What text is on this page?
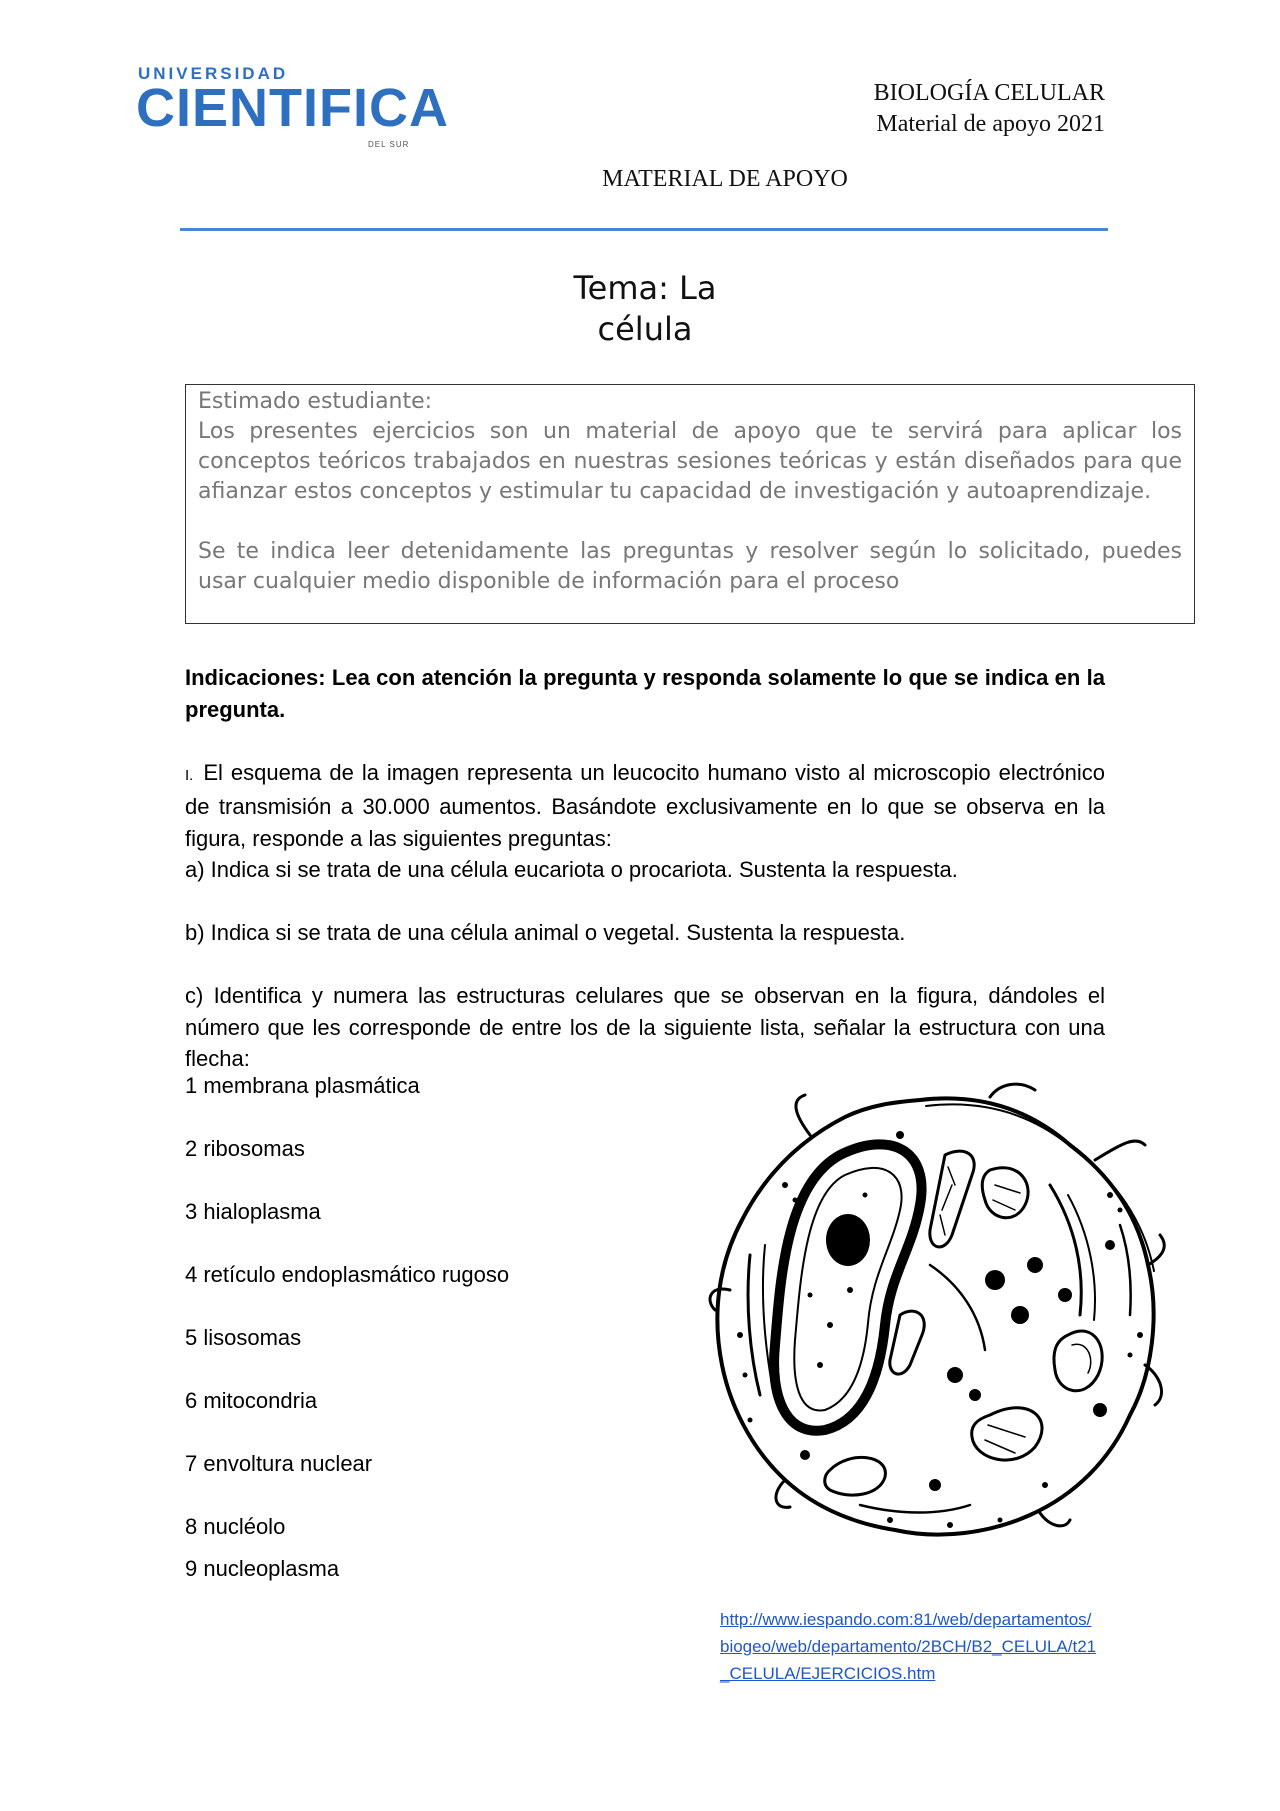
UNIVERSIDAD
CIENTIFICA
DEL SUR
BIOLOGÍA CELULAR
Material de apoyo 2021
MATERIAL DE APOYO
Tema: La
célula

Estimado estudiante:

Los presentes ejercicios son un material de apoyo que te servirá para aplicar los conceptos teóricos trabajados en nuestras sesiones teóricas y están diseñados para que afianzar estos conceptos y estimular tu capacidad de investigación y autoaprendizaje.

Se te indica leer detenidamente las preguntas y resolver según lo solicitado, puedes usar cualquier medio disponible de información para el proceso

Indicaciones: Lea con atención la pregunta y responda solamente lo que se indica en la pregunta.

I. El esquema de la imagen representa un leucocito humano visto al microscopio electrónico de transmisión a 30.000 aumentos. Basándote exclusivamente en lo que se observa en la figura, responde a las siguientes preguntas:

a) Indica si se trata de una célula eucariota o procariota. Sustenta la respuesta.

b) Indica si se trata de una célula animal o vegetal. Sustenta la respuesta.

c) Identifica y numera las estructuras celulares que se observan en la figura, dándoles el número que les corresponde de entre los de la siguiente lista, señalar la estructura con una flecha:

1 membrana plasmática
2 ribosomas
3 hialoplasma
4 retículo endoplasmático rugoso
5 lisosomas
6 mitocondria
7 envoltura nuclear
8 nucléolo
9 nucleoplasma
http://www.iespando.com:81/web/departamentos/biogeo/web/departamento/2BCH/B2_CELULA/t21_CELULA/EJERCICIOS.htm
